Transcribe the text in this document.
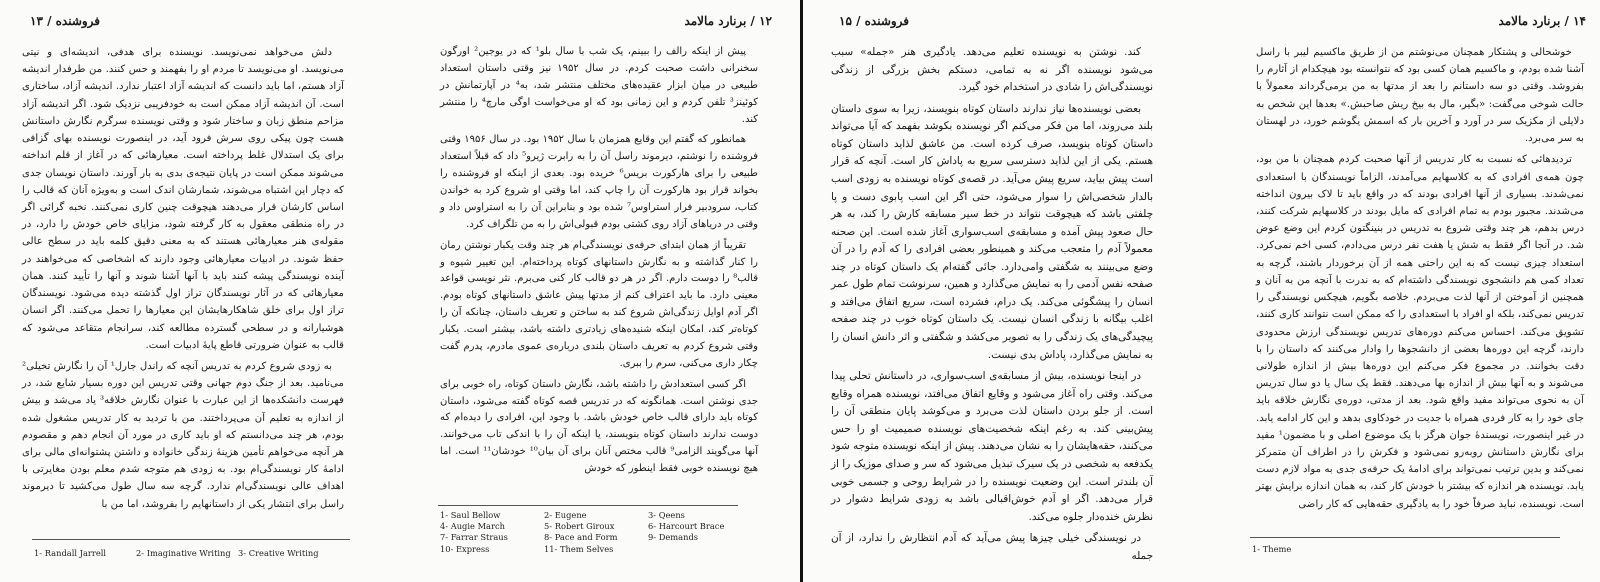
فروشنده / ۱۳

دلش می‌خواهد نمی‌نویسد. نویسنده برای هدفی، اندیشه‌ای و نیتی می‌نویسد. او می‌نویسد تا مردم او را بفهمند و حس کنند. من طرفدار اندیشه آزاد هستم، اما باید دانست که اندیشه آزاد اعتبار ندارد. اندیشه آزاد، ساختاری است. آن اندیشه آزاد ممکن است به خودفریبی نزدیک شود. اگر اندیشه آزاد مزاحم منطق زبان و ساختار شود و وقتی نویسنده سرگرم نگارش داستانش هست چون پیکی روی سرش فرود آید، در اینصورت نویسنده بهای گزافی برای یک استدلال غلط پرداخته است. معیارهائی که در آغاز از قلم انداخته می‌شوند ممکن است در پایان نتیجه‌ی بدی به بار آورند. داستان نویسان جدی که دچار این اشتباه می‌شوند، شمارشان اندک است و به‌ویژه آنان که قالب را اساس کارشان قرار می‌دهند هیچوقت چنین کاری نمی‌کنند. نخبه گرائی اگر در راه منطقی معقول به کار گرفته شود، مزایای خاص خودش را دارد، در مقوله‌ی هنر معیارهائی هستند که به معنی دقیق کلمه باید در سطح عالی حفظ شوند. در ادبیات معیارهائی وجود دارند که اشخاصی که می‌خواهند در آینده نویسندگی پیشه کنند باید با آنها آشنا شوند و آنها را تأیید کنند. همان معیارهائی که در آثار نویسندگان تراز اول گذشته دیده می‌شود. نویسندگان تراز اول برای خلق شاهکارهایشان این معیارها را تحمل می‌کنند. اگر انسان هوشیارانه و در سطحی گسترده مطالعه کند، سرانجام متقاعد می‌شود که قالب به عنوان ضرورتی قاطع پایهٔ ادبیات است.

به زودی شروع کردم به تدریس آنچه که راندل جارل¹ آن را نگارش تخیلی² می‌نامید. بعد از جنگ دوم جهانی وقتی تدریس این دوره بسیار شایع شد، در فهرست دانشکده‌ها از این عبارت با عنوان نگارش خلاقه³ یاد می‌شد و بیش از اندازه به تعلیم آن می‌پرداختند. من با تردید به کار تدریس مشغول شده بودم، هر چند می‌دانستم که او باید کاری در مورد آن انجام دهم و مقصودم هر آنچه می‌خواهم تأمین هزینهٔ زندگی خانواده و داشتن پشتوانه‌ای مالی برای ادامهٔ کار نویسندگی‌ام بود. به زودی هم متوجه شدم معلم بودن مغایرتی با اهداف عالی نویسندگی‌ام ندارد. گرچه سه سال طول می‌کشید تا دیرموند راسل برای انتشار یکی از داستانهایم را بفروشد، اما من با

1- Randall Jarrell	2- Imaginative Writing 3- Creative Writing
۱۲ / برنارد مالامد

پیش از اینکه رالف را ببینم، یک شب با سال بلو¹ که در یوجین² اورگون سخنرانی داشت صحبت کردم. در سال ۱۹۵۲ نیز وقتی داستان استعداد طبیعی در میان ابزار عقیده‌های مختلف منتشر شد، به⁴ در آپارتمانش در کوئینز³ تلفن کردم و این زمانی بود که او می‌خواست اوگی مارچ⁴ را منتشر کند.

همانطور که گفتم این وقایع همزمان با سال ۱۹۵۲ بود. در سال ۱۹۵۶ وقتی فروشنده را نوشتم، دیرموند راسل آن را به رابرت ژیرو⁵ داد که قبلاً استعداد طبیعی را برای هارکورت بریس⁶ خریده بود. بعدی از اینکه او فروشنده را بخواند قرار بود هارکورت آن را چاپ کند، اما وقتی او شروع کرد به خواندن کتاب، سرودبیر فرار استراوس⁷ شده بود و بنابراین آن را به استراوس داد و وقتی در دریاهای آزاد روی کشتی بودم قبولی‌اش را به من تلگراف کرد.

تقریباً از همان ابتدای حرفه‌ی نویسندگی‌ام هر چند وقت یکبار نوشتن رمان را کنار گذاشته و به نگارش داستانهای کوتاه پرداخته‌ام. این تغییر شیوه و قالب⁸ را دوست دارم. اگر در هر دو قالب کار کنی می‌برم. نثر نویسی قواعد معینی دارد. ما باید اعتراف کنم از مدتها پیش عاشق داستانهای کوتاه بودم. اگر آدم اوایل زندگی‌اش شروع کند به ساختن و تعریف داستان، چنانکه آن را کوتاه‌تر کند، امکان اینکه شنیده‌های زیادتری داشته باشد، بیشتر است. یکبار وقتی شروع کردم به تعریف داستان بلندی درباره‌ی عموی مادرم، پدرم گفت چکار داری می‌کنی، سرم را ببری.

اگر کسی استعدادش را داشته باشد، نگارش داستان کوتاه، راه خوبی برای جدی نوشتن است. همانگونه که در تدریس قصه کوتاه گفته می‌شود، داستان کوتاه باید دارای قالب خاص خودش باشد. با وجود این، افرادی را دیده‌ام که دوست ندارند داستان کوتاه بنویسند، یا اینکه آن را با اندکی تاب می‌خوانند. آنها می‌گویند الزامی⁹ قالب مختص آنان برای آن بیان¹⁰ خودشان¹¹ است. اما هیچ نویسنده خوبی فقط اینطور که خودش

1- Saul Bellow	2- Eugene	3- Qeens
4- Augie March	5- Robert Giroux	6- Harcourt Brace
7- Farrar Straus	8- Pace and Form	9- Demands
10- Express	11- Them Selves
فروشنده / ۱۵

کند. نوشتن به نویسنده تعلیم می‌دهد. یادگیری هنر «جمله» سبب می‌شود نویسنده اگر نه به تمامی، دستکم بخش بزرگی از زندگی نویسندگی‌اش را شادی در استخدام خود گیرد.

بعضی نویسنده‌ها نیاز ندارند داستان کوتاه بنویسند، زیرا به سوی داستان بلند می‌روند، اما من فکر می‌کنم اگر نویسنده بکوشد بفهمد که آیا می‌تواند داستان کوتاه بنویسد، صرف کرده است. من عاشق لذاید داستان کوتاه هستم. یکی از این لذاید دسترسی سریع به پاداش کار است. آنچه که قرار است پیش بیاید، سریع پیش می‌آید. در قصه‌ی کوتاه نویسنده به زودی اسب بالدار شخصی‌اش را سوار می‌شود، حتی اگر این اسب پابوی دست و پا چلفتی باشد که هیچوقت نتواند در خط سیر مسابقه کارش را کند، به هر حال صعود پیش آمده و مسابقه‌ی اسب‌سواری آغاز شده است. این صحنه معمولاً آدم را متعجب می‌کند و همینطور بعضی افرادی را که آدم را در آن وضع می‌بینند به شگفتی وامی‌دارد. جائی گفته‌ام یک داستان کوتاه در چند صفحه نفس آدمی را به نمایش می‌گذارد و همین، سرنوشت تمام طول عمر انسان را پیشگوئی می‌کند. یک درام، فشرده است، سریع اتفاق می‌افتد و اغلب بیگانه با زندگی انسان نیست. یک داستان کوتاه خوب در چند صفحه پیچیدگی‌های یک زندگی را به تصویر می‌کشد و شگفتی و اثر دانش انسان را به نمایش می‌گذارد، پاداش بدی نیست.

در اینجا نویسنده، بیش از مسابقه‌ی اسب‌سواری، در داستانش تحلی پیدا می‌کند. وقتی راه آغاز می‌شود و وقایع اتفاق می‌افتد، نویسنده همراه وقایع است. از جلو بردن داستان لذت می‌برد و می‌کوشد پایان منطقی آن را پیش‌بینی کند. به رغم اینکه شخصیت‌های نویسنده صمیمیت او را حس می‌کنند، حقه‌هایشان را به نشان می‌دهند. پیش از اینکه نویسنده متوجه شود یکدفعه به شخصی در یک سیرک تبدیل می‌شود که سر و صدای موزیک را از آن بلندتر است. این وضعیت نویسنده را در شرایط روحی و جسمی خوبی قرار می‌دهد. اگر او آدم خوش‌اقبالی باشد به زودی شرایط دشوار در نظرش خنده‌دار جلوه می‌کند.

در نویسندگی خیلی چیزها پیش می‌آید که آدم انتظارش را ندارد، از آن جمله

۱۴ / برنارد مالامد

خوشحالی و پشتکار همچنان می‌نوشتم من از طریق ماکسیم لیبر با راسل آشنا شده بودم، و ماکسیم همان کسی بود که نتوانسته بود هیچکدام از آثارم را بفروشد. وقتی دو سه داستانم را بعد از مدتها به من برمی‌گرداند معمولاً با حالت شوخی می‌گفت: «بگیر، مال به بیخ ریش صاحبش.» بعدها این شخص به دلایلی از مکزیک سر در آورد و آخرین بار که اسمش یگوشم خورد، در لهستان به سر می‌برد.

تردیدهائی که نسبت به کار تدریس از آنها صحبت کردم همچنان با من بود، چون همه‌ی افرادی که به کلاسهایم می‌آمدند، الزاماً نویسندگان با استعدادی نمی‌شدند. بسیاری از آنها افرادی بودند که در واقع باید تا لاک بیرون انداخته می‌شدند. مجبور بودم به تمام افرادی که مایل بودند در کلاسهایم شرکت کنند، درس بدهم، هر چند وقتی شروع به تدریس در بنینگتون کردم این وضع عوض شد. در آنجا اگر فقط به شش یا هفت نفر درس می‌دادم، کسی اخم نمی‌کرد. استعداد چیزی نیست که به این راحتی همه از آن برخوردار باشند، گرچه به تعداد کمی هم دانشجوی نویسندگی داشته‌ام که به ندرت با آنچه من به آنان و همچنین از آموختن از آنها لذت می‌بردم. خلاصه بگویم، هیچکس نویسندگی را تدریس نمی‌کند، بلکه او افراد با استعدادی را که ممکن است نتوانند کاری کنند، تشویق می‌کند. احساس می‌کنم دوره‌های تدریس نویسندگی ارزش محدودی دارند، گرچه این دوره‌ها بعضی از دانشجوها را وادار می‌کنند که داستان را با دقت بخوانند. در مجموع فکر می‌کنم این دوره‌ها بیش از اندازه طولانی می‌شوند و به آنها بیش از اندازه بها می‌دهند. فقط یک سال یا دو سال تدریس آن به نحوی می‌تواند مفید واقع شود. بعد از مدتی، دوره‌ی نگارش خلاقه باید جای خود را به کار فردی همراه با جدیت در خودکاوی بدهد و این کار ادامه یابد. در غیر اینصورت، نویسندهٔ جوان هرگز با یک موضوع اصلی و با مضمون¹ مفید برای نگارش داستانش روبه‌رو نمی‌شود و فکرش را در اطراف آن متمرکز نمی‌کند و بدین ترتیب نمی‌تواند برای ادامهٔ یک حرفه‌ی جدی به مواد لازم دست یابد. نویسنده هر اندازه که بیشتر با خودش کار کند، به همان اندازه برایش بهتر است. نویسنده، نباید صرفاً خود را به یادگیری حقه‌هایی که کار راضی

1- Theme
